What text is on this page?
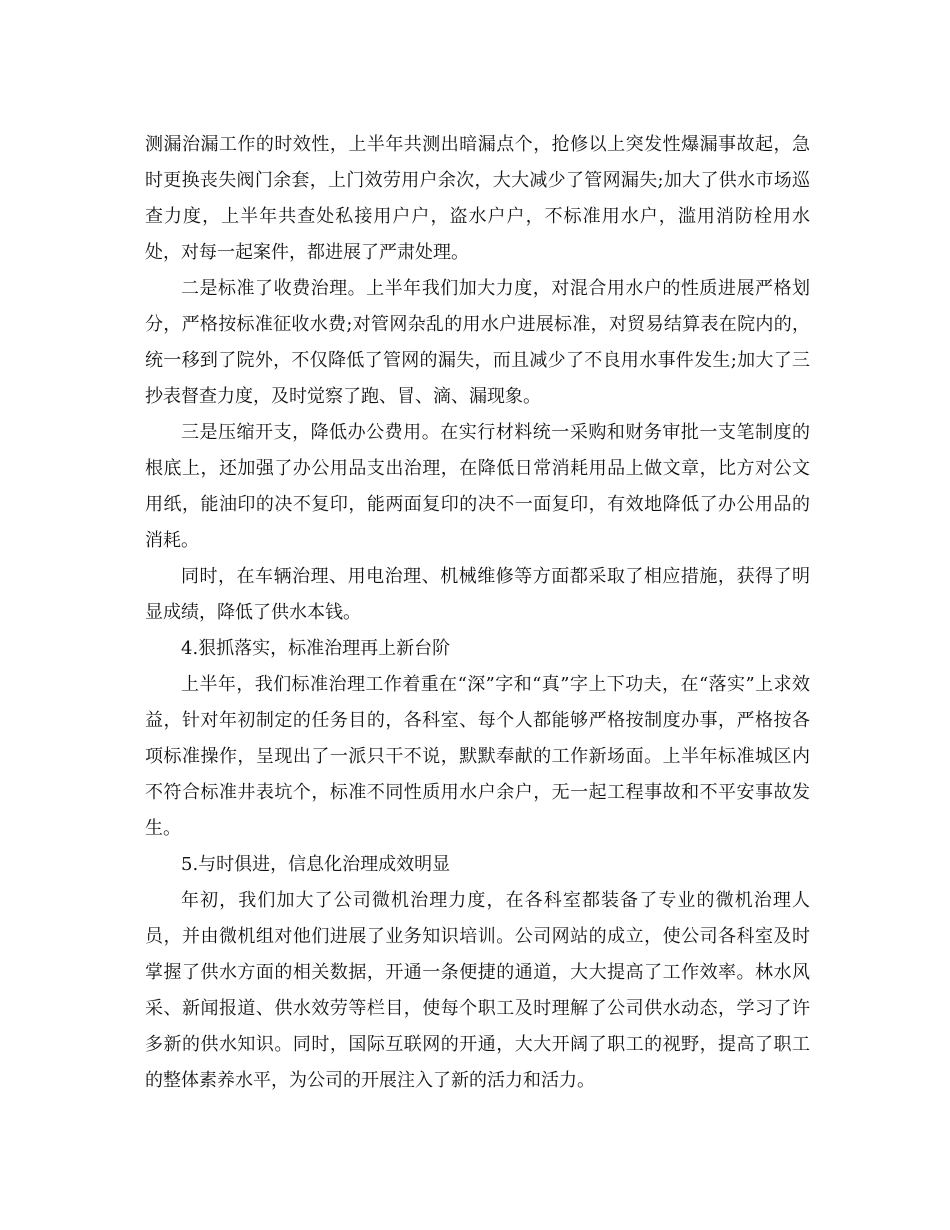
测漏治漏工作的时效性，上半年共测出暗漏点个，抢修以上突发性爆漏事故起，急时更换丧失阀门余套，上门效劳用户余次，大大减少了管网漏失;加大了供水市场巡查力度，上半年共查处私接用户户，盗水户户，不标准用水户，滥用消防栓用水处，对每一起案件，都进展了严肃处理。

二是标准了收费治理。上半年我们加大力度，对混合用水户的性质进展严格划分，严格按标准征收水费;对管网杂乱的用水户进展标准，对贸易结算表在院内的，统一移到了院外，不仅降低了管网的漏失，而且减少了不良用水事件发生;加大了三抄表督查力度，及时觉察了跑、冒、滴、漏现象。

三是压缩开支，降低办公费用。在实行材料统一采购和财务审批一支笔制度的根底上，还加强了办公用品支出治理，在降低日常消耗用品上做文章，比方对公文用纸，能油印的决不复印，能两面复印的决不一面复印，有效地降低了办公用品的消耗。

同时，在车辆治理、用电治理、机械维修等方面都采取了相应措施，获得了明显成绩，降低了供水本钱。

4.狠抓落实，标准治理再上新台阶

上半年，我们标准治理工作着重在“深”字和“真”字上下功夫，在“落实”上求效益，针对年初制定的任务目的，各科室、每个人都能够严格按制度办事，严格按各项标准操作，呈现出了一派只干不说，默默奉献的工作新场面。上半年标准城区内不符合标准井表坑个，标准不同性质用水户余户，无一起工程事故和不平安事故发生。

5.与时俱进，信息化治理成效明显

年初，我们加大了公司微机治理力度，在各科室都装备了专业的微机治理人员，并由微机组对他们进展了业务知识培训。公司网站的成立，使公司各科室及时掌握了供水方面的相关数据，开通一条便捷的通道，大大提高了工作效率。林水风采、新闻报道、供水效劳等栏目，使每个职工及时理解了公司供水动态，学习了许多新的供水知识。同时，国际互联网的开通，大大开阔了职工的视野，提高了职工的整体素养水平，为公司的开展注入了新的活力和活力。
